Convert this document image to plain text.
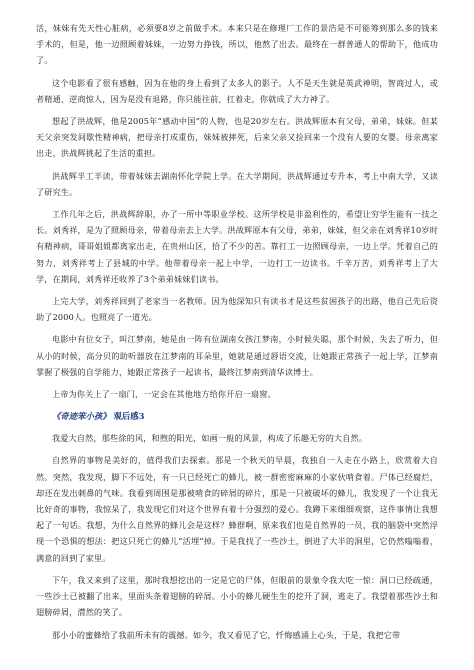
活，妹妹有先天性心脏病，必须要8岁之前做手术。本来只是在修理厂工作的景浩是不可能筹到那么多的钱来手术的，但是，他一边照顾着妹妹，一边努力挣钱，所以，他熬了出去。最终在一群普通人的帮助下，他成功了。

这个电影看了很有感触，因为在他的身上看到了太多人的影子。人不是天生就是英武神明，智商过人，或者精通、逆商惊人，因为是没有退路，你只能往前，扛着走，你就成了大力神了。

想起了洪战辉，他是2005年“感动中国”的人物，也是20岁左右。洪战辉原本有父母，弟弟，妹妹。但某天父亲突发间歇性精神病，把母亲打成重伤，妹妹被摔死，后来父亲又捡回来一个没有人要的女婴。母亲离家出走，洪战辉挑起了生活的重担。

洪战辉半工半读，带着妹妹去湖南怀化学院上学。在大学期间，洪战辉通过专升本，考上中南大学，又读了研究生。

工作几年之后，洪战辉辞职，办了一所中等职业学校。这所学校是非盈利性的，希望让穷学生能有一技之长。刘秀祥，是为了照顾母亲，带着母亲去上大学。洪战辉原本有父母，弟弟，妹妹，但父亲在刘秀祥10岁时有精神病，哥哥姐姐都离家出走，在贵州山区，拾了不少的苦。靠打工一边照顾母亲，一边上学。凭着自己的努力，刘秀祥考上了县城的中学。他带着母亲一起上中学，一边打工一边读书。千辛万苦，刘秀祥考上了大学，在期间，刘秀祥还收养了3个弟弟妹妹们读书。

上完大学，刘秀祥回到了老家当一名教师。因为他深知只有读书才是这些贫困孩子的出路，他自己先后资助了2000人。也照亮了一道光。

电影中有位女子，叫江梦南，她是由一阵有位湖南女孩江梦南，小时候失聪，那个时候，失去了听力，但从小的时候，高分贝的助听器放在江梦南的耳朵里，她就是通过唇语交流，让她跟正常孩子一起上学，江梦南掌握了极强的自学能力，她跟正常孩子一起读书，最终江梦南到清华读博士。

上帝为你关上了一扇门，一定会在其他地方给你开启一扇窗。

《奇迹笨小孩》 观后感3

我爱大自然，那些徐的风，和煦的阳光，如画一般的风景，构成了乐趣无穷的大自然。

自然界的事物是美好的，值得我们去探索。那是一个秋天的早晨，我独自一人走在小路上，欣赏着大自然。突然，我发现，脚下不远处，有一只已经死亡的蜂儿，被一群密密麻麻的小家伙啃食着。尸体已经腐烂，却还在发出刺鼻的气味。我看到周围是那被啃食的碎屑的碎片，那是一只被破坏的蜂儿，我发现了一个让我无比好奇的事物，我惊呆了，我发现它们对这个世界有着十分强烈的爱心。我蹲下来细细观察，这件事情让我想起了一句话。我想，为什么自然界的蜂儿会是这样？蜂群啊，原来我们也是自然界的一员，我的脑袋中突然浮现一个恐惧的想法：把这只死亡的蜂儿“活埋”掉。于是我找了一些沙土，倒进了大半的洞里，它仍然嗡嗡着，满意的回到了家里。

下午，我又来到了这里，那时我想挖出的一定是它的尸体，但眼前的景象令我大吃一惊：洞口已经疏通，一些沙土已被翻了出来，里面头条着翅膀的碎屑。小小的蜂儿硬生生的挖开了洞，逃走了。我望着那些沙土和翅膀碎屑，潸然的笑了。

那小小的蜜蜂给了我前所未有的震撼。如今，我又看见了它，忏悔感涌上心头，于是，我把它带
